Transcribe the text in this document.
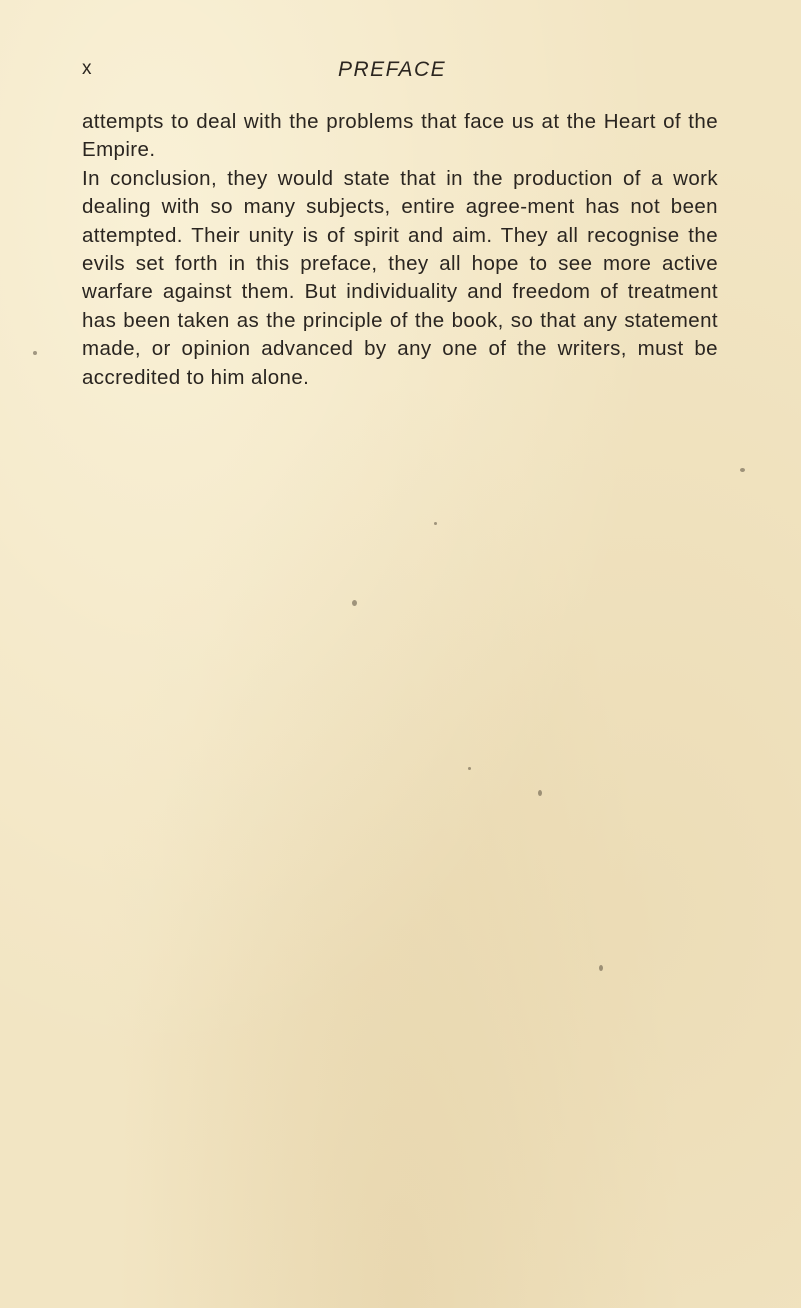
x	PREFACE

attempts to deal with the problems that face us at the Heart of the Empire.

In conclusion, they would state that in the production of a work dealing with so many subjects, entire agree-ment has not been attempted. Their unity is of spirit and aim. They all recognise the evils set forth in this preface, they all hope to see more active warfare against them. But individuality and freedom of treatment has been taken as the principle of the book, so that any statement made, or opinion advanced by any one of the writers, must be accredited to him alone.
